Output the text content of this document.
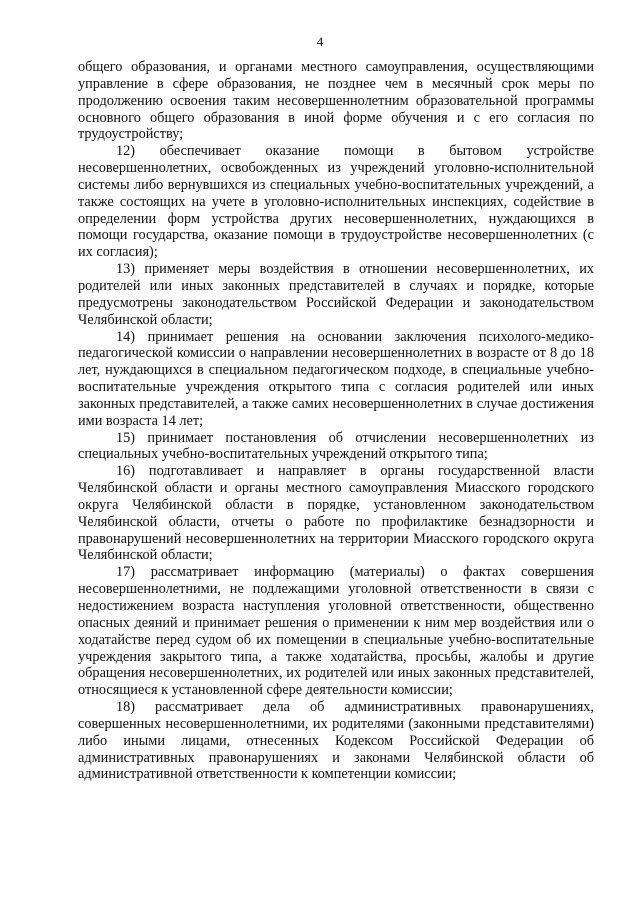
4

общего образования, и органами местного самоуправления, осуществляющими управление в сфере образования, не позднее чем в месячный срок меры по продолжению освоения таким несовершеннолетним образовательной программы основного общего образования в иной форме обучения и с его согласия по трудоустройству;

12) обеспечивает оказание помощи в бытовом устройстве несовершеннолетних, освобожденных из учреждений уголовно-исполнительной системы либо вернувшихся из специальных учебно-воспитательных учреждений, а также состоящих на учете в уголовно-исполнительных инспекциях, содействие в определении форм устройства других несовершеннолетних, нуждающихся в помощи государства, оказание помощи в трудоустройстве несовершеннолетних (с их согласия);

13) применяет меры воздействия в отношении несовершеннолетних, их родителей или иных законных представителей в случаях и порядке, которые предусмотрены законодательством Российской Федерации и законодательством Челябинской области;

14) принимает решения на основании заключения психолого-медико-педагогической комиссии о направлении несовершеннолетних в возрасте от 8 до 18 лет, нуждающихся в специальном педагогическом подходе, в специальные учебно-воспитательные учреждения открытого типа с согласия родителей или иных законных представителей, а также самих несовершеннолетних в случае достижения ими возраста 14 лет;

15) принимает постановления об отчислении несовершеннолетних из специальных учебно-воспитательных учреждений открытого типа;

16) подготавливает и направляет в органы государственной власти Челябинской области и органы местного самоуправления Миасского городского округа Челябинской области в порядке, установленном законодательством Челябинской области, отчеты о работе по профилактике безнадзорности и правонарушений несовершеннолетних на территории Миасского городского округа Челябинской области;

17) рассматривает информацию (материалы) о фактах совершения несовершеннолетними, не подлежащими уголовной ответственности в связи с недостижением возраста наступления уголовной ответственности, общественно опасных деяний и принимает решения о применении к ним мер воздействия или о ходатайстве перед судом об их помещении в специальные учебно-воспитательные учреждения закрытого типа, а также ходатайства, просьбы, жалобы и другие обращения несовершеннолетних, их родителей или иных законных представителей, относящиеся к установленной сфере деятельности комиссии;

18) рассматривает дела об административных правонарушениях, совершенных несовершеннолетними, их родителями (законными представителями) либо иными лицами, отнесенных Кодексом Российской Федерации об административных правонарушениях и законами Челябинской области об административной ответственности к компетенции комиссии;
